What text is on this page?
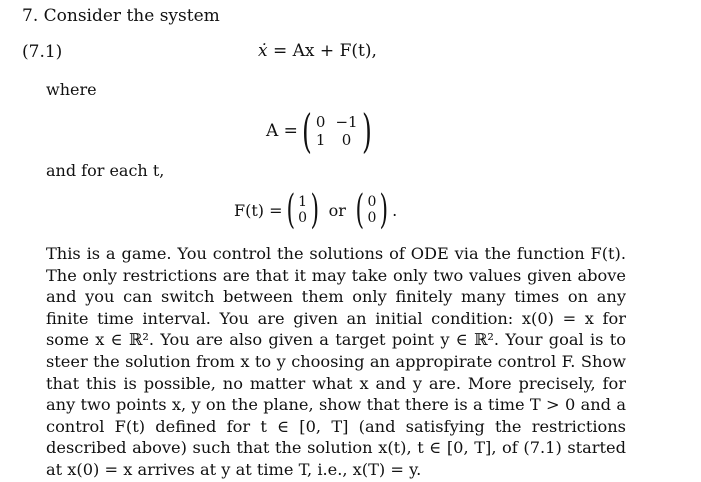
7. Consider the system
(7.1)	ẋ = Ax + F(t),
where
A = ( 0 −1
1	0 )
and for each t,
F(t) = ( 1
0 ) or ( 0
0 ) .

This is a game. You control the solutions of ODE via the function F(t). The only restrictions are that it may take only two values given above and you can switch between them only finitely many times on any finite time interval. You are given an initial condition: x(0) = x for some x ∈ ℝ². You are also given a target point y ∈ ℝ². Your goal is to steer the solution from x to y choosing an appropirate control F. Show that this is possible, no matter what x and y are. More precisely, for any two points x, y on the plane, show that there is a time T > 0 and a control F(t) defined for t ∈ [0, T] (and satisfying the restrictions described above) such that the solution x(t), t ∈ [0, T], of (7.1) started at x(0) = x arrives at y at time T, i.e., x(T) = y.
